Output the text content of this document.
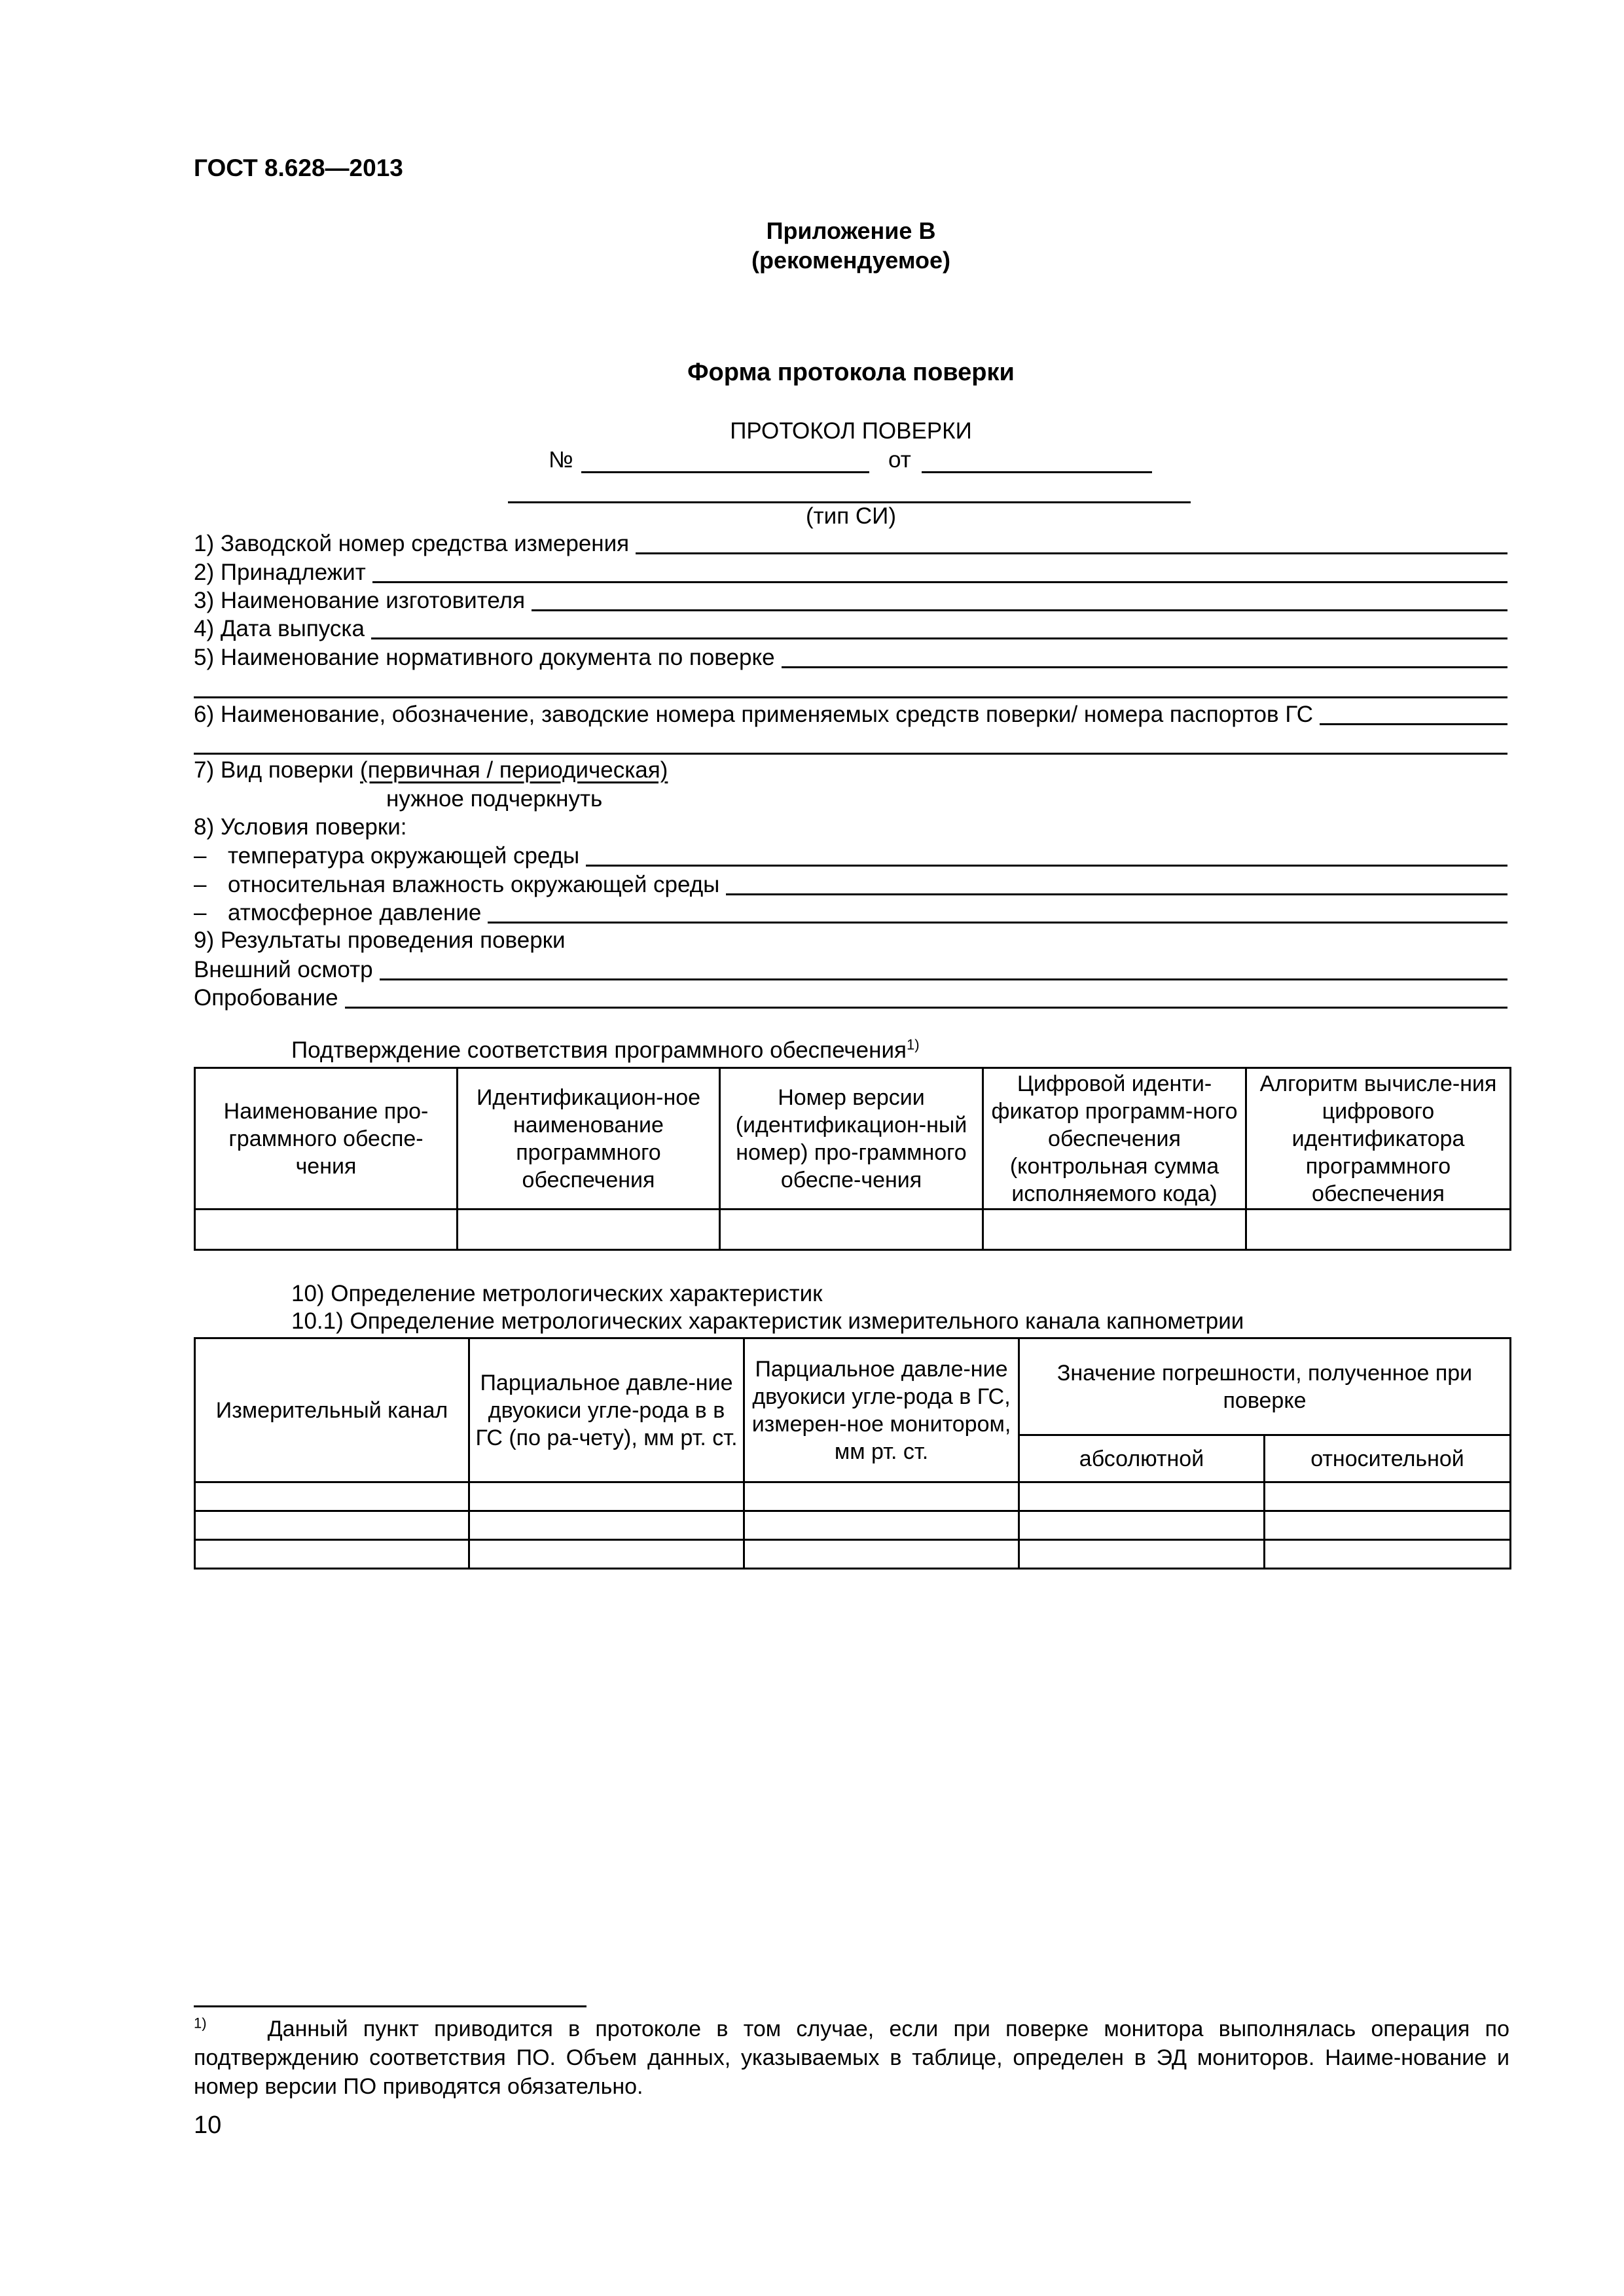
ГОСТ 8.628—2013
Приложение В
(рекомендуемое)
Форма протокола поверки
ПРОТОКОЛ ПОВЕРКИ
№	от
(тип СИ)
1) Заводской номер средства измерения
2) Принадлежит
3) Наименование изготовителя
4) Дата выпуска
5) Наименование нормативного документа по поверке
6) Наименование, обозначение, заводские номера применяемых средств поверки/ номера паспортов ГС
7) Вид поверки (первичная / периодическая)
нужное подчеркнуть
8) Условия поверки:
– температура окружающей среды
– относительная влажность окружающей среды
– атмосферное давление
9) Результаты проведения поверки
Внешний осмотр
Опробование
Подтверждение соответствия программного обеспечения$^{1)}$
Наименование про-граммного обеспе-чения	Идентификацион-ное наименование программного обеспечения	Номер версии (идентификацион-ный номер) про-граммного обеспе-чения	Цифровой иденти-фикатор программ-ного обеспечения (контрольная сумма исполняемого кода)	Алгоритм вычисле-ния цифрового идентификатора программного обеспечения

10) Определение метрологических характеристик
10.1) Определение метрологических характеристик измерительного канала капнометрии
Измерительный канал	Парциальное давле-ние двуокиси угле-рода в в ГС (по ра-чету), мм рт. ст.	Парциальное давле-ние двуокиси угле-рода в ГС, измерен-ное монитором, мм рт. ст.	Значение погрешности, полученное при поверке	
			абсолютной	относительной

$^{1)}$	Данный пункт приводится в протоколе в том случае, если при поверке монитора выполнялась операция по подтверждению соответствия ПО. Объем данных, указываемых в таблице, определен в ЭД мониторов. Наиме-нование и номер версии ПО приводятся обязательно.
10
